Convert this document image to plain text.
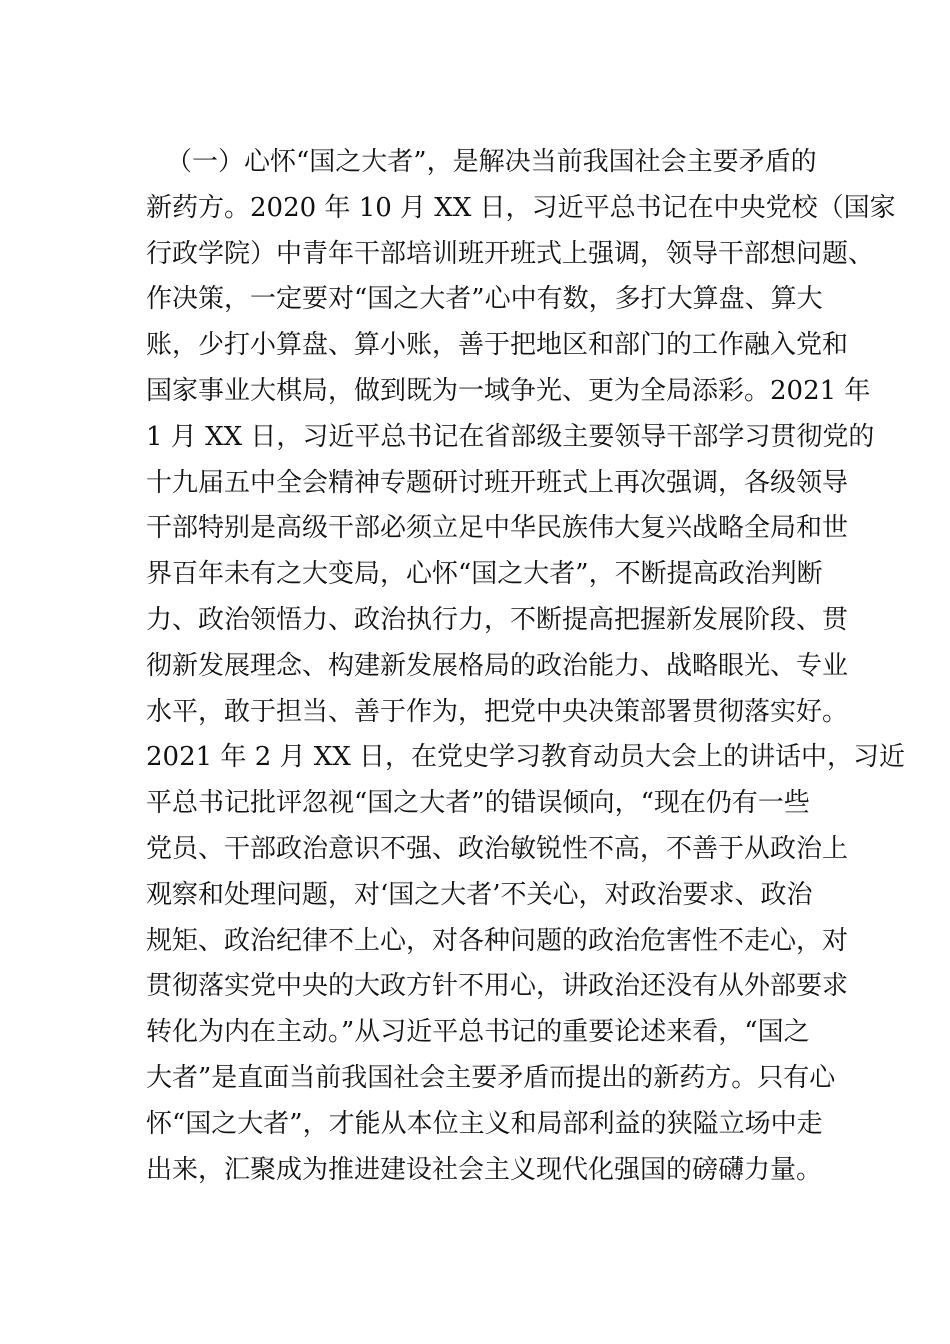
（一）心怀“国之大者”，是解决当前我国社会主要矛盾的
新药方。2020 年 10 月 XX 日，习近平总书记在中央党校（国家
行政学院）中青年干部培训班开班式上强调，领导干部想问题、
作决策，一定要对“国之大者”心中有数，多打大算盘、算大
账，少打小算盘、算小账，善于把地区和部门的工作融入党和
国家事业大棋局，做到既为一域争光、更为全局添彩。2021 年
1 月 XX 日，习近平总书记在省部级主要领导干部学习贯彻党的
十九届五中全会精神专题研讨班开班式上再次强调，各级领导
干部特别是高级干部必须立足中华民族伟大复兴战略全局和世
界百年未有之大变局，心怀“国之大者”，不断提高政治判断
力、政治领悟力、政治执行力，不断提高把握新发展阶段、贯
彻新发展理念、构建新发展格局的政治能力、战略眼光、专业
水平，敢于担当、善于作为，把党中央决策部署贯彻落实好。
2021 年 2 月 XX 日，在党史学习教育动员大会上的讲话中，习近
平总书记批评忽视“国之大者”的错误倾向，“现在仍有一些
党员、干部政治意识不强、政治敏锐性不高，不善于从政治上
观察和处理问题，对‘国之大者’不关心，对政治要求、政治
规矩、政治纪律不上心，对各种问题的政治危害性不走心，对
贯彻落实党中央的大政方针不用心，讲政治还没有从外部要求
转化为内在主动。”从习近平总书记的重要论述来看，“国之
大者”是直面当前我国社会主要矛盾而提出的新药方。只有心
怀“国之大者”，才能从本位主义和局部利益的狭隘立场中走
出来，汇聚成为推进建设社会主义现代化强国的磅礴力量。
